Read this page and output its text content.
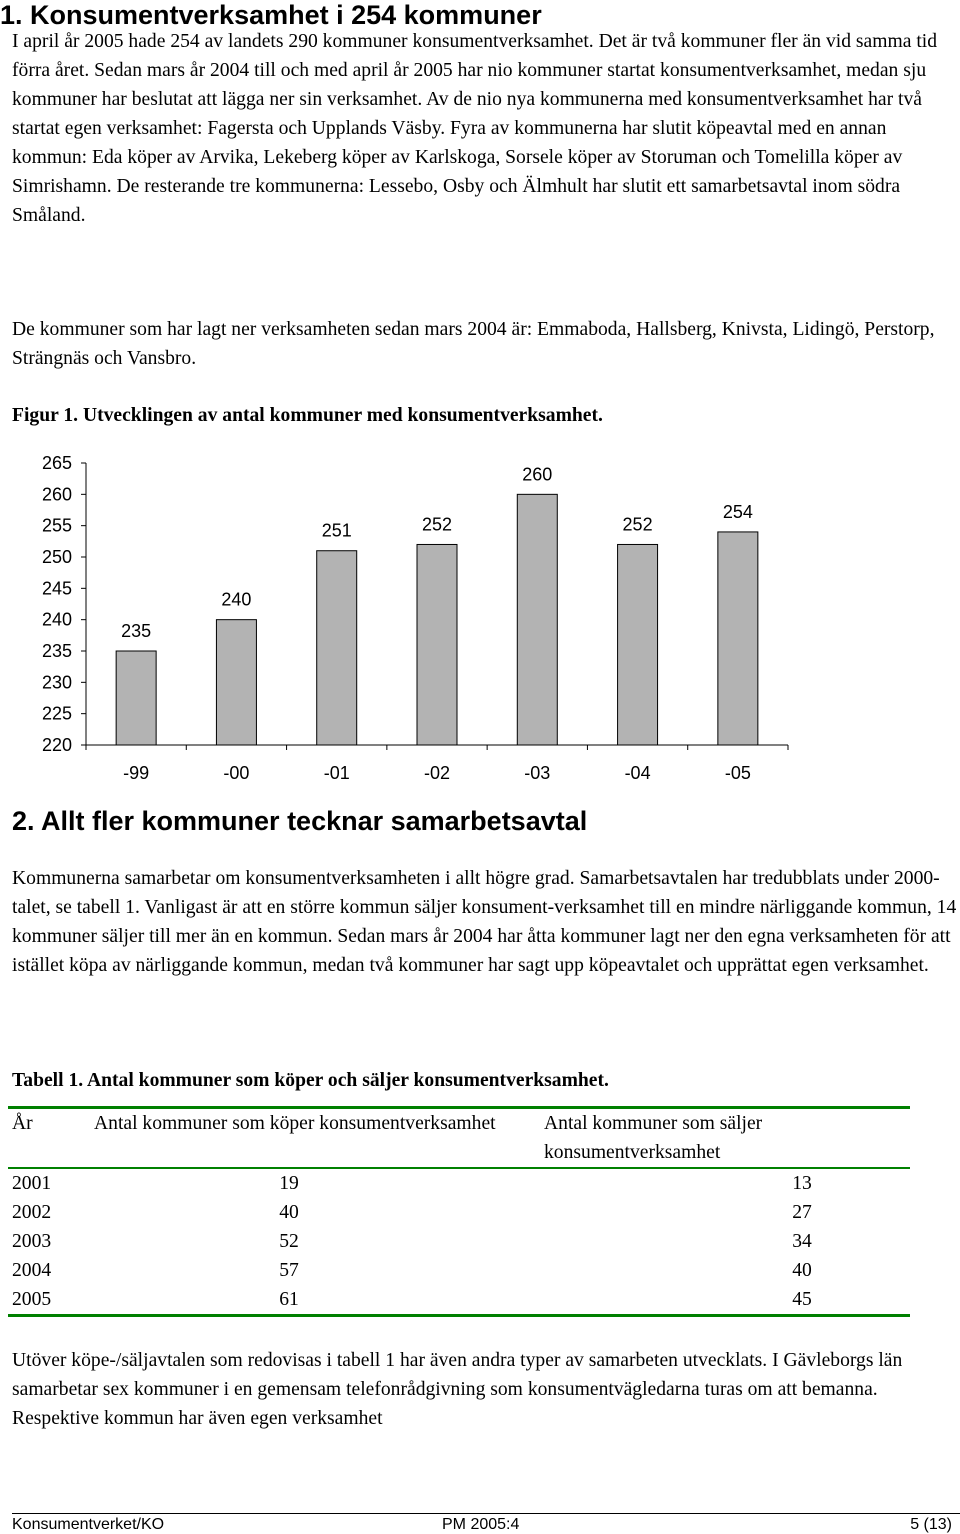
1. Konsumentverksamhet i 254 kommuner

I april år 2005 hade 254 av landets 290 kommuner konsumentverksamhet. Det är två kommuner fler än vid samma tid förra året. Sedan mars år 2004 till och med april år 2005 har nio kommuner startat konsumentverksamhet, medan sju kommuner har beslutat att lägga ner sin verksamhet. Av de nio nya kommunerna med konsumentverksamhet har två startat egen verksamhet: Fagersta och Upplands Väsby. Fyra av kommunerna har slutit köpeavtal med en annan kommun: Eda köper av Arvika, Lekeberg köper av Karlskoga, Sorsele köper av Storuman och Tomelilla köper av Simrishamn. De resterande tre kommunerna: Lessebo, Osby och Älmhult har slutit ett samarbetsavtal inom södra Småland.

De kommuner som har lagt ner verksamheten sedan mars 2004 är: Emmaboda, Hallsberg, Knivsta, Lidingö, Perstorp, Strängnäs och Vansbro.

Figur 1. Utvecklingen av antal kommuner med konsumentverksamhet.

265
260
255
250
245
240
235
230
225
220
235
-99
240
-00
251
-01
252
-02
260
-03
252
-04
254
-05
2. Allt fler kommuner tecknar samarbetsavtal

Kommunerna samarbetar om konsumentverksamheten i allt högre grad. Samarbetsavtalen har tredubblats under 2000-talet, se tabell 1. Vanligast är att en större kommun säljer konsument-verksamhet till en mindre närliggande kommun, 14 kommuner säljer till mer än en kommun. Sedan mars år 2004 har åtta kommuner lagt ner den egna verksamheten för att istället köpa av närliggande kommun, medan två kommuner har sagt upp köpeavtalet och upprättat egen verksamhet.

Tabell 1. Antal kommuner som köper och säljer konsumentverksamhet.

År	Antal kommuner som köper konsumentverksamhet	Antal kommuner som säljer konsumentverksamhet
2001	19	13
2002	40	27
2003	52	34
2004	57	40
2005	61	45

Utöver köpe-/säljavtalen som redovisas i tabell 1 har även andra typer av samarbeten utvecklats. I Gävleborgs län samarbetar sex kommuner i en gemensam telefonrådgivning som konsumentvägledarna turas om att bemanna. Respektive kommun har även egen verksamhet

Konsumentverket/KO	PM 2005:4	5 (13)
